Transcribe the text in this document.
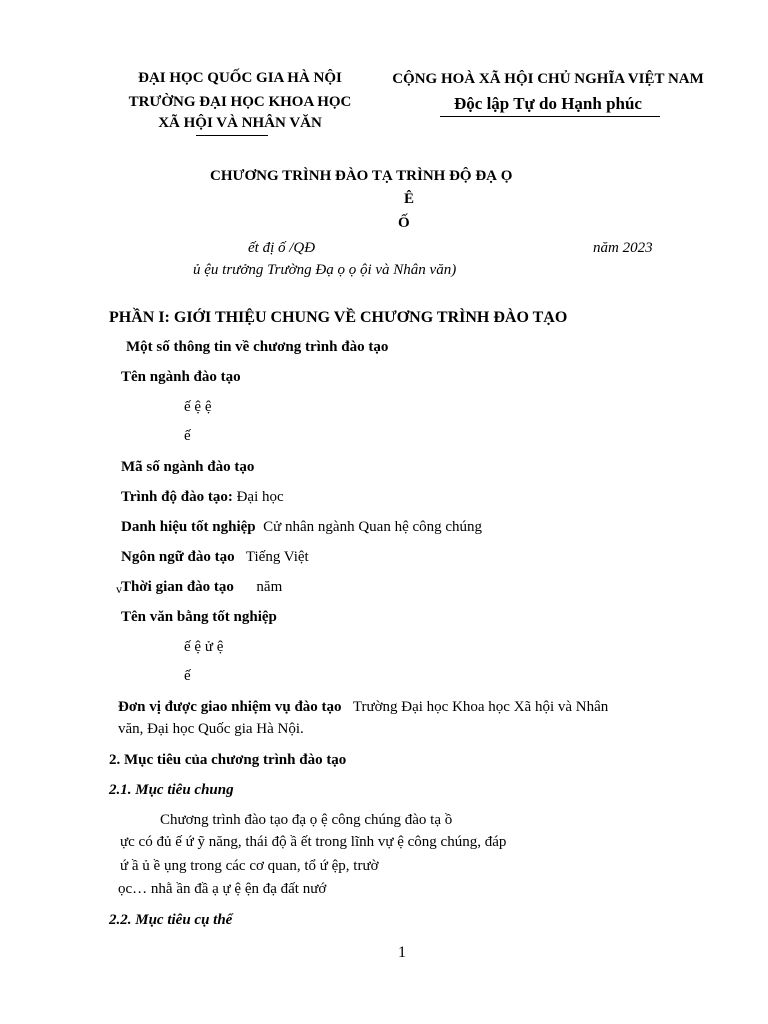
ĐẠI HỌC QUỐC GIA HÀ NỘI
TRƯỜNG ĐẠI HỌC KHOA HỌC
XÃ HỘI VÀ NHÂN VĂN
CỘNG HOÀ XÃ HỘI CHỦ NGHĨA VIỆT NAM
Độc lập Tự do Hạnh phúc
CHƯƠNG TRÌNH ĐÀO TẠ TRÌNH ĐỘ ĐẠ Ọ
Ê
Ố
ết đị ố /QĐ	năm 2023
ủ ệu trưởng Trường Đạ ọ ọ ội và Nhân văn)
PHẦN I: GIỚI THIỆU CHUNG VỀ CHƯƠNG TRÌNH ĐÀO TẠO
Một số thông tin về chương trình đào tạo
Tên ngành đào tạo
ế ệ ệ
ế
Mã số ngành đào tạo
Trình độ đào tạo: Đại học
Danh hiệu tốt nghiệp Cử nhân ngành Quan hệ công chúng
Ngôn ngữ đào tạo Tiếng Việt
v Thời gian đào tạo năm
Tên văn bằng tốt nghiệp
ế ệ ử ệ
ế
Đơn vị được giao nhiệm vụ đào tạo Trường Đại học Khoa học Xã hội và Nhân
văn, Đại học Quốc gia Hà Nội.
2. Mục tiêu của chương trình đào tạo
2.1. Mục tiêu chung
Chương trình đào tạo đạ ọ ệ công chúng đào tạ ồ
ực có đủ ế ứ ỹ năng, thái độ ầ ết trong lĩnh vự ệ công chúng, đáp
ứ ầ ủ ề ụng trong các cơ quan, tổ ứ ệp, trườ
ọc… nhằ ần đầ ạ ự ệ ện đạ đất nướ
2.2. Mục tiêu cụ thể
1
